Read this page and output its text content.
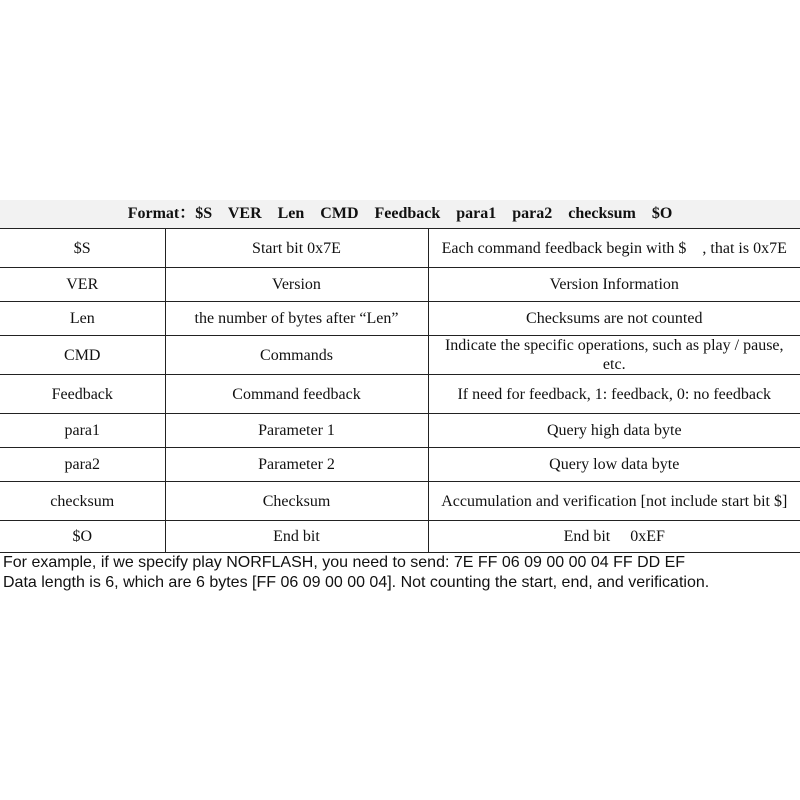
Format：$S    VER    Len    CMD    Feedback    para1    para2    checksum    $O
$S	Start bit 0x7E	Each command feedback begin with $　, that is 0x7E
VER	Version	Version Information
Len	the number of bytes after “Len”	Checksums are not counted
CMD	Commands	Indicate the specific operations, such as play / pause, etc.
Feedback	Command feedback	If need for feedback, 1: feedback, 0: no feedback
para1	Parameter 1	Query high data byte
para2	Parameter 2	Query low data byte
checksum	Checksum	Accumulation and verification [not include start bit $]
$O	End bit	End bit　 0xEF
For example, if we specify play NORFLASH, you need to send: 7E FF 06 09 00 00 04 FF DD EF
Data length is 6, which are 6 bytes [FF 06 09 00 00 04]. Not counting the start, end, and verification.
